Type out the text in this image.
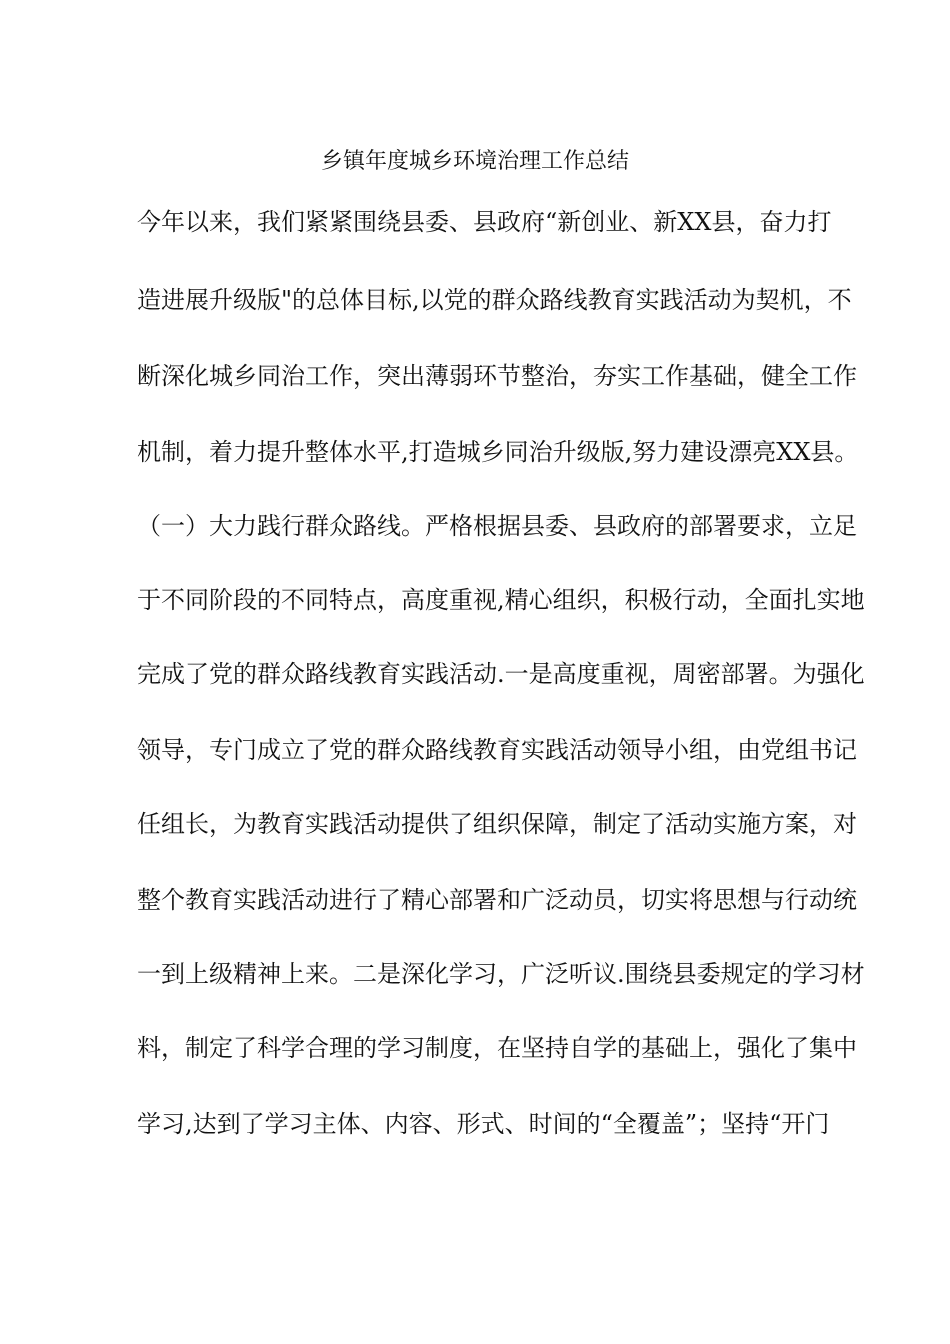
乡镇年度城乡环境治理工作总结

今年以来，我们紧紧围绕县委、县政府“新创业、新XX县，奋力打

造进展升级版"的总体目标,以党的群众路线教育实践活动为契机，不

断深化城乡同治工作，突出薄弱环节整治，夯实工作基础，健全工作

机制，着力提升整体水平,打造城乡同治升级版,努力建设漂亮XX县。

（一）大力践行群众路线。严格根据县委、县政府的部署要求，立足

于不同阶段的不同特点，高度重视,精心组织，积极行动，全面扎实地

完成了党的群众路线教育实践活动.一是高度重视，周密部署。为强化

领导，专门成立了党的群众路线教育实践活动领导小组，由党组书记

任组长，为教育实践活动提供了组织保障，制定了活动实施方案，对

整个教育实践活动进行了精心部署和广泛动员，切实将思想与行动统

一到上级精神上来。二是深化学习，广泛听议.围绕县委规定的学习材

料，制定了科学合理的学习制度，在坚持自学的基础上，强化了集中

学习,达到了学习主体、内容、形式、时间的“全覆盖”；坚持“开门
